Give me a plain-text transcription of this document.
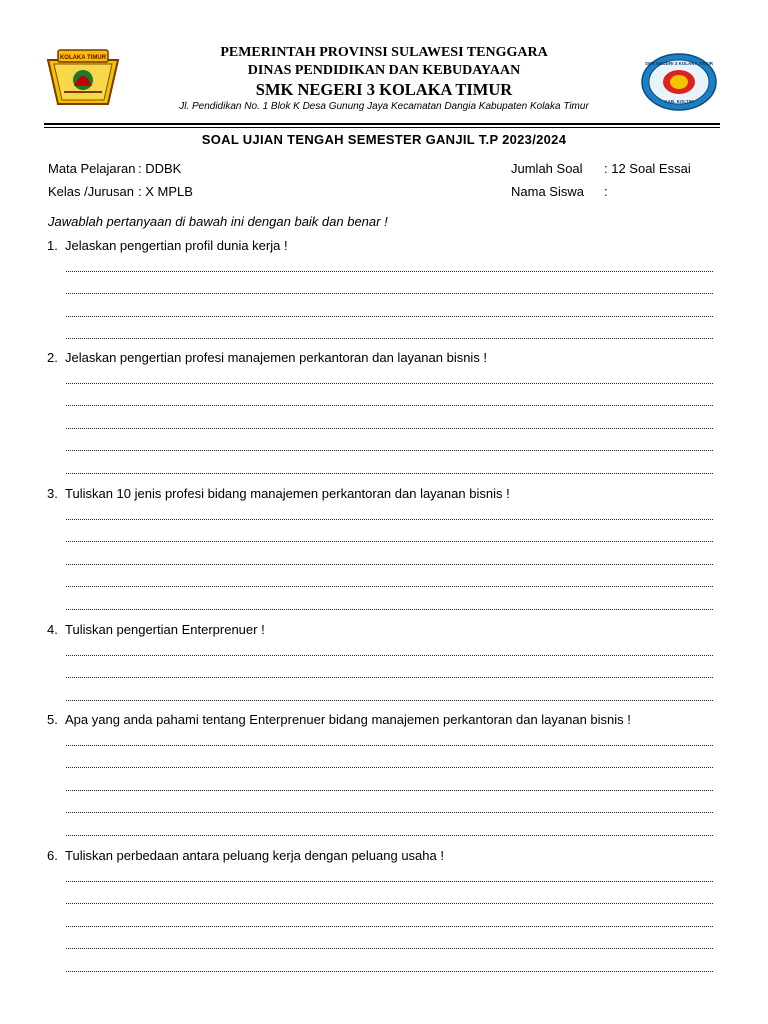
KOLAKA TIMUR	PEMERINTAH PROVINSI SULAWESI TENGGARA
DINAS PENDIDIKAN DAN KEBUDAYAAN
SMK NEGERI 3 KOLAKA TIMUR
Jl. Pendidikan No. 1 Blok K Desa Gunung Jaya Kecamatan Dangia Kabupaten Kolaka Timur
SMK NEGERI 3 KOLAKA TIMUR
KAB. KOLTIM
SOAL UJIAN TENGAH SEMESTER GANJIL T.P 2023/2024
Mata Pelajaran : DDBK
Kelas /Jurusan : X MPLB
Jumlah Soal : 12 Soal Essai
Nama Siswa :
Jawablah pertanyaan di bawah ini dengan baik dan benar !
1. Jelaskan pengertian profil dunia kerja !
2. Jelaskan pengertian profesi manajemen perkantoran dan layanan bisnis !
3. Tuliskan 10 jenis profesi bidang manajemen perkantoran dan layanan bisnis !
4. Tuliskan pengertian Enterprenuer !
5. Apa yang anda pahami tentang Enterprenuer bidang manajemen perkantoran dan layanan bisnis !
6. Tuliskan perbedaan antara peluang kerja dengan peluang usaha !
